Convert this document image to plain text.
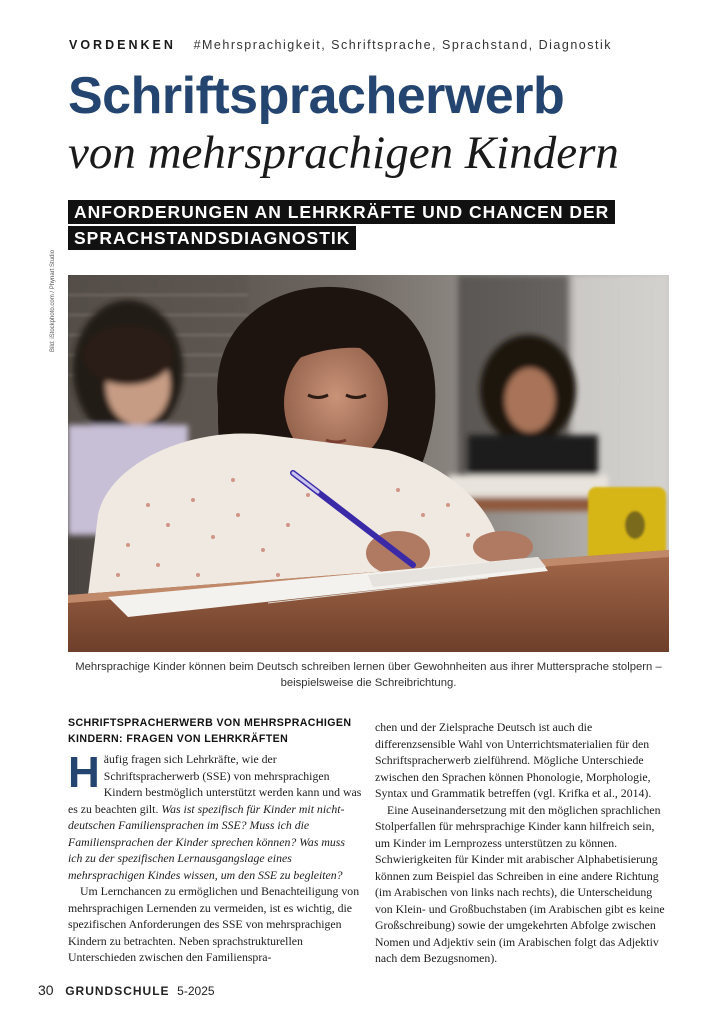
VORDENKEN #Mehrsprachigkeit, Schriftsprache, Sprachstand, Diagnostik
Schriftspracherwerb
von mehrsprachigen Kindern
ANFORDERUNGEN AN LEHRKRÄFTE UND CHANCEN DER SPRACHSTANDSDIAGNOSTIK
Bild: iStockphoto.com / Phynart Studio
Mehrsprachige Kinder können beim Deutsch schreiben lernen über Gewohnheiten aus ihrer Muttersprache stolpern – beispielsweise die Schreibrichtung.
SCHRIFTSPRACHERWERB VON MEHRSPRACHIGEN KINDERN: FRAGEN VON LEHRKRÄFTEN

Häufig fragen sich Lehrkräfte, wie der Schriftspracherwerb (SSE) von mehrsprachigen Kindern bestmöglich unterstützt werden kann und was es zu beachten gilt. Was ist spezifisch für Kinder mit nicht-deutschen Familiensprachen im SSE? Muss ich die Familiensprachen der Kinder sprechen können? Was muss ich zu der spezifischen Lernausgangslage eines mehrsprachigen Kindes wissen, um den SSE zu begleiten?

Um Lernchancen zu ermöglichen und Benachteiligung von mehrsprachigen Lernenden zu vermeiden, ist es wichtig, die spezifischen Anforderungen des SSE von mehrsprachigen Kindern zu betrachten. Neben sprachstrukturellen Unterschieden zwischen den Familienspra-

chen und der Zielsprache Deutsch ist auch die differenzsensible Wahl von Unterrichtsmaterialien für den Schriftspracherwerb zielführend. Mögliche Unterschiede zwischen den Sprachen können Phonologie, Morphologie, Syntax und Grammatik betreffen (vgl. Krifka et al., 2014).

Eine Auseinandersetzung mit den möglichen sprachlichen Stolperfallen für mehrsprachige Kinder kann hilfreich sein, um Kinder im Lernprozess unterstützen zu können. Schwierigkeiten für Kinder mit arabischer Alphabetisierung können zum Beispiel das Schreiben in eine andere Richtung (im Arabischen von links nach rechts), die Unterscheidung von Klein- und Großbuchstaben (im Arabischen gibt es keine Großschreibung) sowie der umgekehrten Abfolge zwischen Nomen und Adjektiv sein (im Arabischen folgt das Adjektiv nach dem Bezugsnomen).

30 GRUNDSCHULE 5-2025
